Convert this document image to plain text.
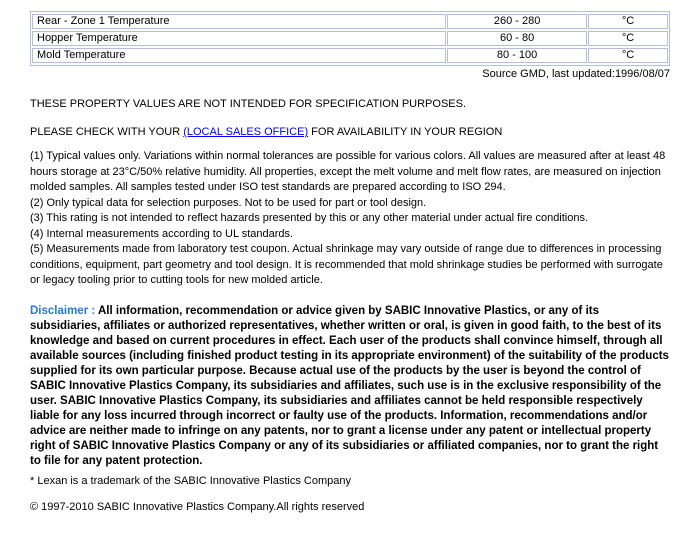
Rear - Zone 1 Temperature	260 - 280	°C
Hopper Temperature	60 - 80	°C
Mold Temperature	80 - 100	°C
Source GMD, last updated:1996/08/07

THESE PROPERTY VALUES ARE NOT INTENDED FOR SPECIFICATION PURPOSES.

PLEASE CHECK WITH YOUR (LOCAL SALES OFFICE) FOR AVAILABILITY IN YOUR REGION

(1) Typical values only. Variations within normal tolerances are possible for various colors. All values are measured after at least 48 hours storage at 23°C/50% relative humidity. All properties, except the melt volume and melt flow rates, are measured on injection molded samples. All samples tested under ISO test standards are prepared according to ISO 294.

(2) Only typical data for selection purposes. Not to be used for part or tool design.

(3) This rating is not intended to reflect hazards presented by this or any other material under actual fire conditions.

(4) Internal measurements according to UL standards.

(5) Measurements made from laboratory test coupon. Actual shrinkage may vary outside of range due to differences in processing conditions, equipment, part geometry and tool design. It is recommended that mold shrinkage studies be performed with surrogate or legacy tooling prior to cutting tools for new molded article.

Disclaimer : All information, recommendation or advice given by SABIC Innovative Plastics, or any of its subsidiaries, affiliates or authorized representatives, whether written or oral, is given in good faith, to the best of its knowledge and based on current procedures in effect. Each user of the products shall convince himself, through all available sources (including finished product testing in its appropriate environment) of the suitability of the products supplied for its own particular purpose. Because actual use of the products by the user is beyond the control of SABIC Innovative Plastics Company, its subsidiaries and affiliates, such use is in the exclusive responsibility of the user. SABIC Innovative Plastics Company, its subsidiaries and affiliates cannot be held responsible respectively liable for any loss incurred through incorrect or faulty use of the products. Information, recommendations and/or advice are neither made to infringe on any patents, nor to grant a license under any patent or intellectual property right of SABIC Innovative Plastics Company or any of its subsidiaries or affiliated companies, nor to grant the right to file for any patent protection.

* Lexan is a trademark of the SABIC Innovative Plastics Company

© 1997-2010 SABIC Innovative Plastics Company.All rights reserved
